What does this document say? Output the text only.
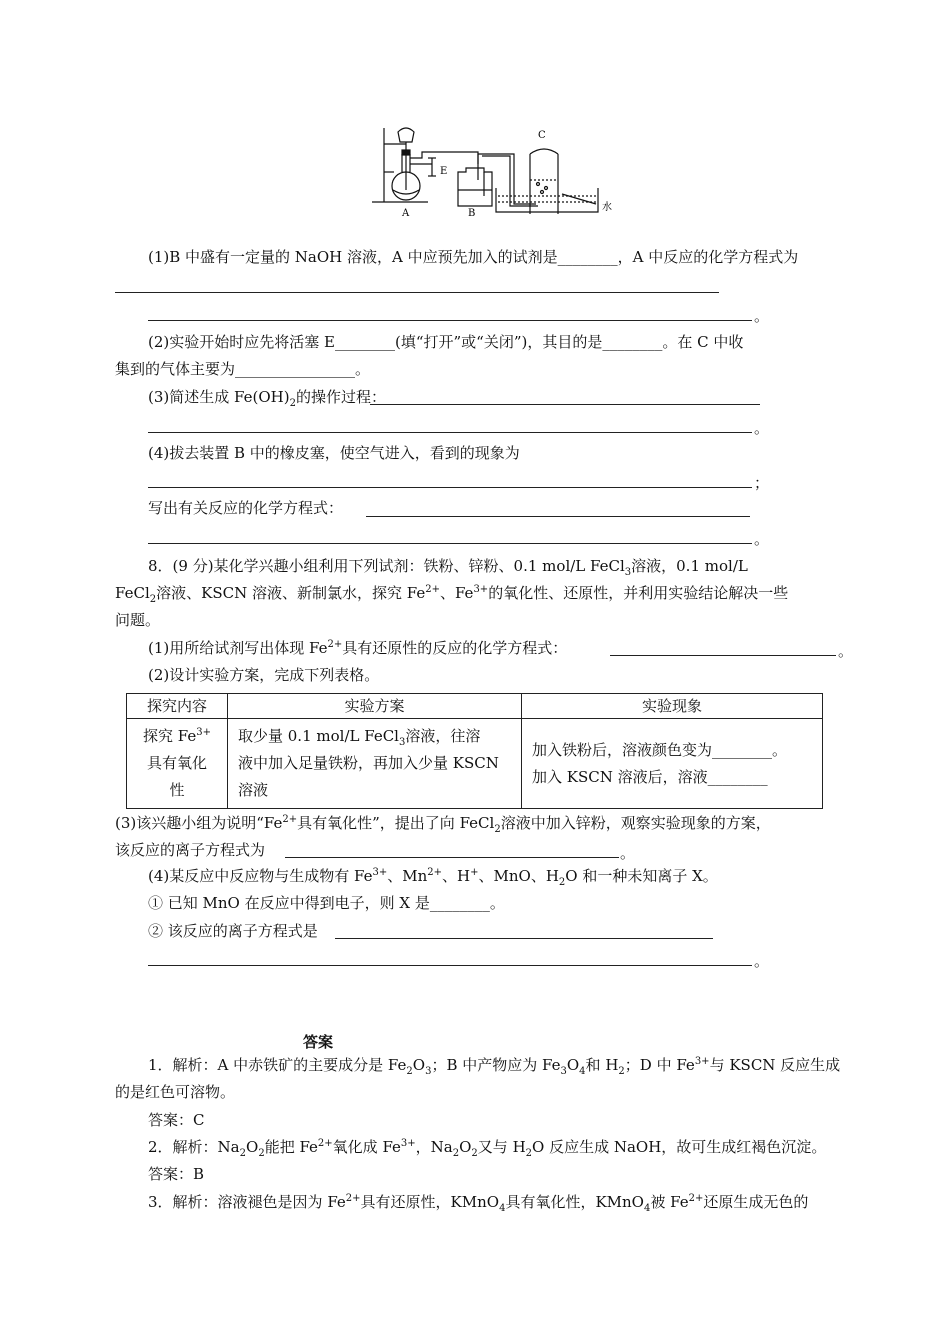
A	B
C
E
水
(1)B 中盛有一定量的 NaOH 溶液，A 中应预先加入的试剂是________，A 中反应的化学方程式为
。
(2)实验开始时应先将活塞 E________(填“打开”或“关闭”)，其目的是________。在 C 中收
集到的气体主要为________________。
(3)简述生成 $Fe(OH)_2$的操作过程：
。
(4)拔去装置 B 中的橡皮塞，使空气进入，看到的现象为
；
写出有关反应的化学方程式：
。
8．(9 分)某化学兴趣小组利用下列试剂：铁粉、锌粉、0.1 mol/L FeCl$_3$溶液，0.1 mol/L
FeCl$_2$溶液、KSCN 溶液、新制氯水，探究 $Fe^{2+}$、$Fe^{3+}$的氧化性、还原性，并利用实验结论解决一些
问题。
(1)用所给试剂写出体现 $Fe^{2+}$具有还原性的反应的化学方程式：	。
(2)设计实验方案，完成下列表格。
探究内容	实验方案	实验现象
探究 $Fe^{3+}$
具有氧化
性	取少量 0.1 mol/L FeCl$_3$溶液，往溶
液中加入足量铁粉，再加入少量 KSCN
溶液	加入铁粉后，溶液颜色变为________。
加入 KSCN 溶液后，溶液________
(3)该兴趣小组为说明“$Fe^{2+}$具有氧化性”，提出了向 FeCl$_2$溶液中加入锌粉，观察实验现象的方案，
该反应的离子方程式为	。
(4)某反应中反应物与生成物有 $Fe^{3+}$、$Mn^{2+}$、H+、MnO、$H_2O$ 和一种未知离子 X。
① 已知 MnO 在反应中得到电子，则 X 是________。
② 该反应的离子方程式是
。
答案
1．解析：A 中赤铁矿的主要成分是 $Fe_2O_3$；B 中产物应为 $Fe_3O_4$和 $H_2$；D 中 $Fe^{3+}$与 KSCN 反应生成
的是红色可溶物。
答案：C
2．解析：$Na_2O_2$能把 $Fe^{2+}$氧化成 $Fe^{3+}$，$Na_2O_2$又与 $H_2O$ 反应生成 NaOH，故可生成红褐色沉淀。
答案：B
3．解析：溶液褪色是因为 $Fe^{2+}$具有还原性，KMnO$_4$具有氧化性，KMnO$_4$被 $Fe^{2+}$还原生成无色的
